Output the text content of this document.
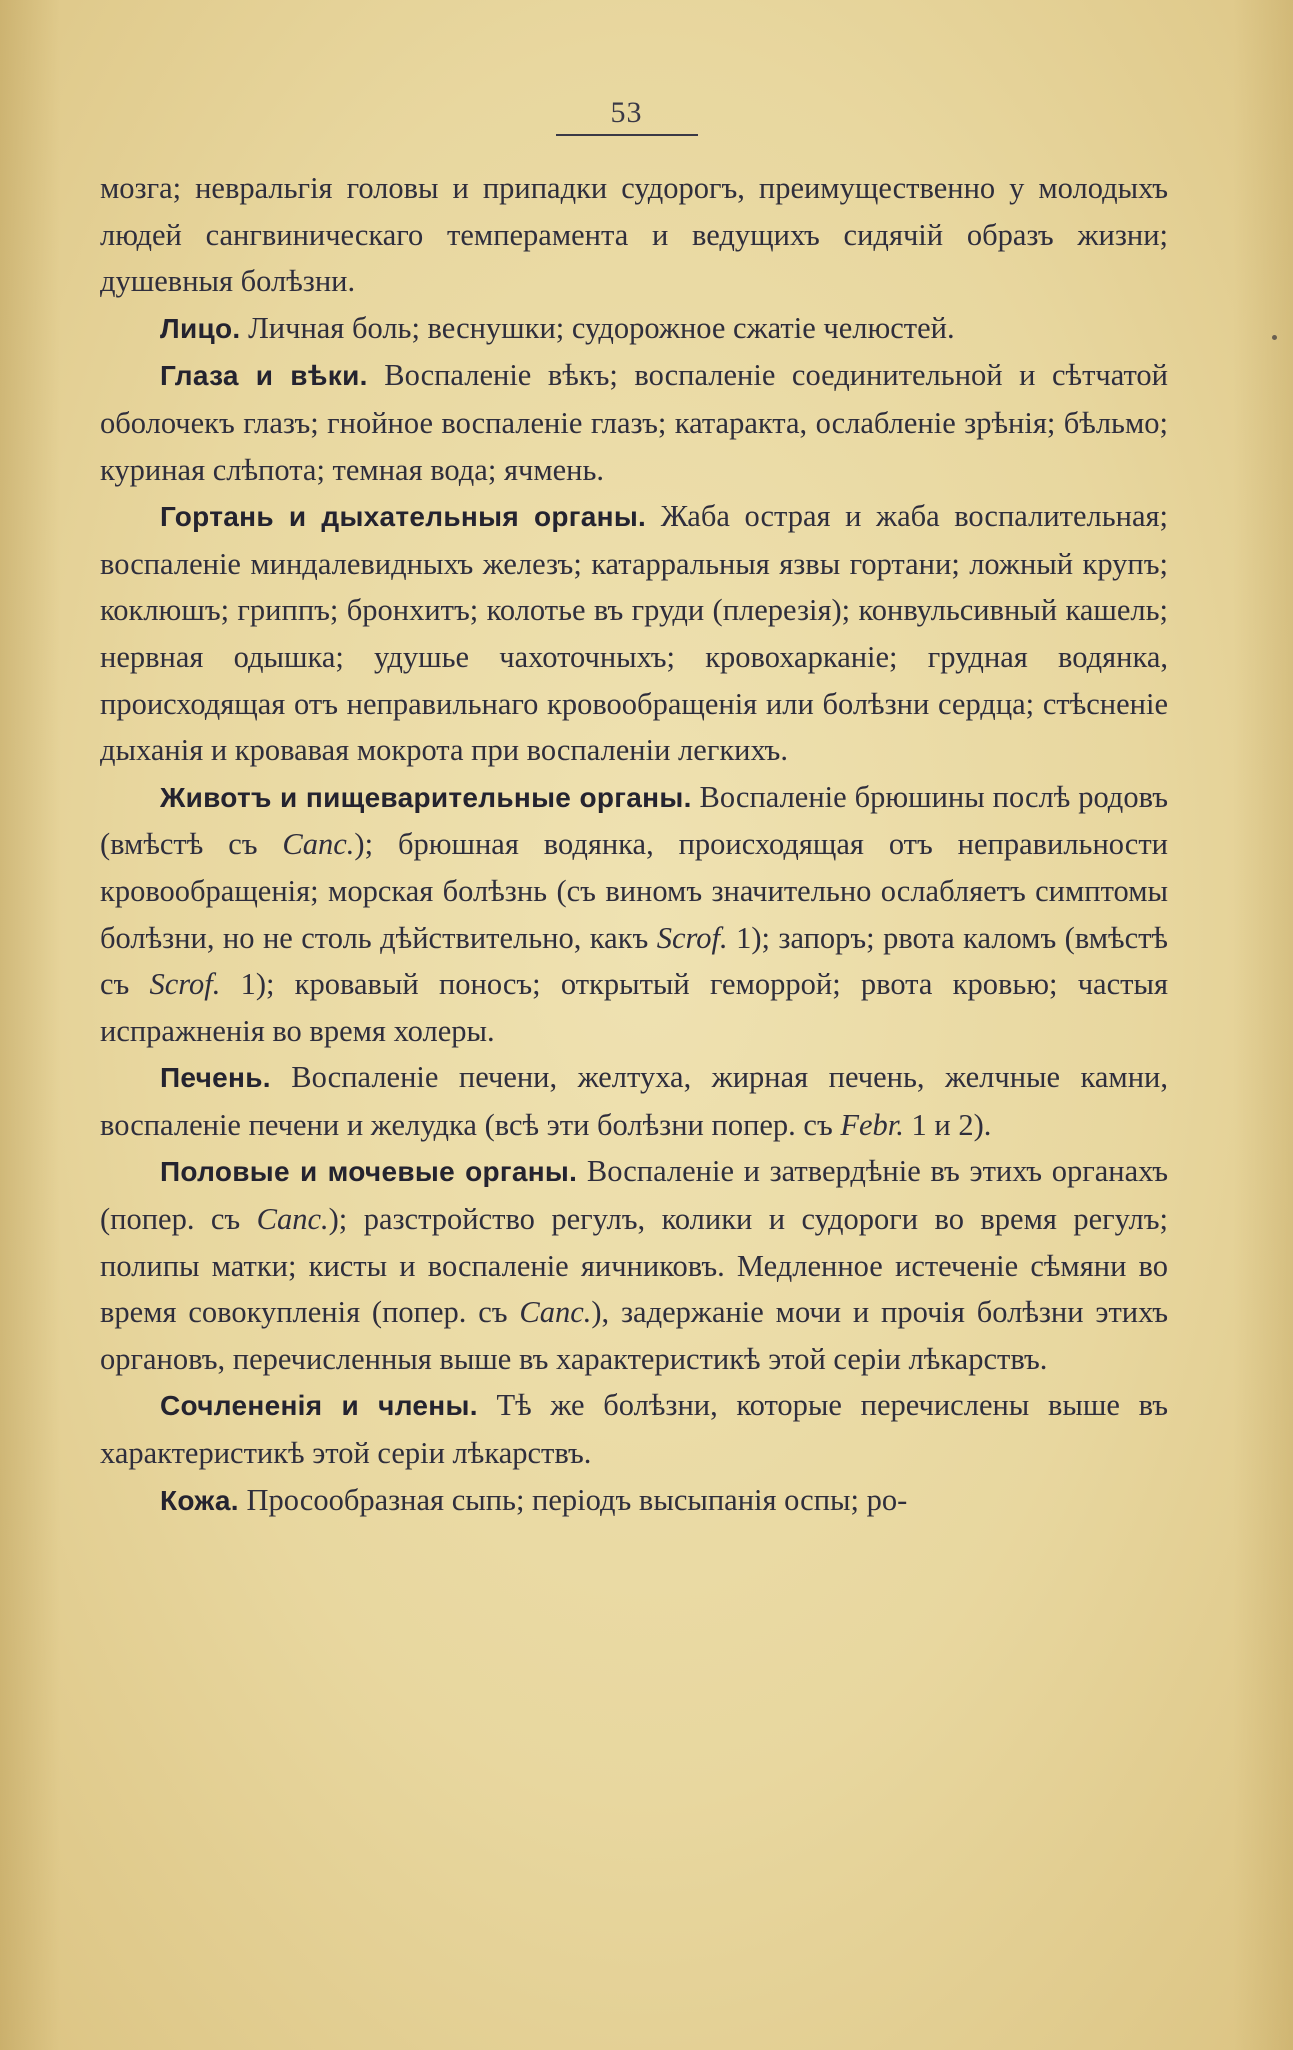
53

мозга; невральгія головы и припадки судорогъ, преимущественно у молодыхъ людей сангвиническаго темперамента и ведущихъ сидячій образъ жизни; душевныя болѣзни.

Лицо. Личная боль; веснушки; судорожное сжатіе челюстей.

Глаза и вѣки. Воспаленіе вѣкъ; воспаленіе соединительной и сѣтчатой оболочекъ глазъ; гнойное воспаленіе глазъ; катаракта, ослабленіе зрѣнія; бѣльмо; куриная слѣпота; темная вода; ячмень.

Гортань и дыхательныя органы. Жаба острая и жаба воспалительная; воспаленіе миндалевидныхъ железъ; катарральныя язвы гортани; ложный крупъ; коклюшъ; гриппъ; бронхитъ; колотье въ груди (плерезія); конвульсивный кашель; нервная одышка; удушье чахоточныхъ; кровохарканіе; грудная водянка, происходящая отъ неправильнаго кровообращенія или болѣзни сердца; стѣсненіе дыханія и кровавая мокрота при воспаленіи легкихъ.

Животъ и пищеварительные органы. Воспаленіе брюшины послѣ родовъ (вмѣстѣ съ Canc.); брюшная водянка, происходящая отъ неправильности кровообращенія; морская болѣзнь (съ виномъ значительно ослабляетъ симптомы болѣзни, но не столь дѣйствительно, какъ Scrof. 1); запоръ; рвота каломъ (вмѣстѣ съ Scrof. 1); кровавый поносъ; открытый геморрой; рвота кровью; частыя испражненія во время холеры.

Печень. Воспаленіе печени, желтуха, жирная печень, желчные камни, воспаленіе печени и желудка (всѣ эти болѣзни попер. съ Febr. 1 и 2).

Половые и мочевые органы. Воспаленіе и затвердѣніе въ этихъ органахъ (попер. съ Canc.); разстройство регулъ, колики и судороги во время регулъ; полипы матки; кисты и воспаленіе яичниковъ. Медленное истеченіе сѣмяни во время совокупленія (попер. съ Canc.), задержаніе мочи и прочія болѣзни этихъ органовъ, перечисленныя выше въ характеристикѣ этой серіи лѣкарствъ.

Сочлененія и члены. Тѣ же болѣзни, которые перечислены выше въ характеристикѣ этой серіи лѣкарствъ.

Кожа. Просообразная сыпь; періодъ высыпанія оспы; ро-
